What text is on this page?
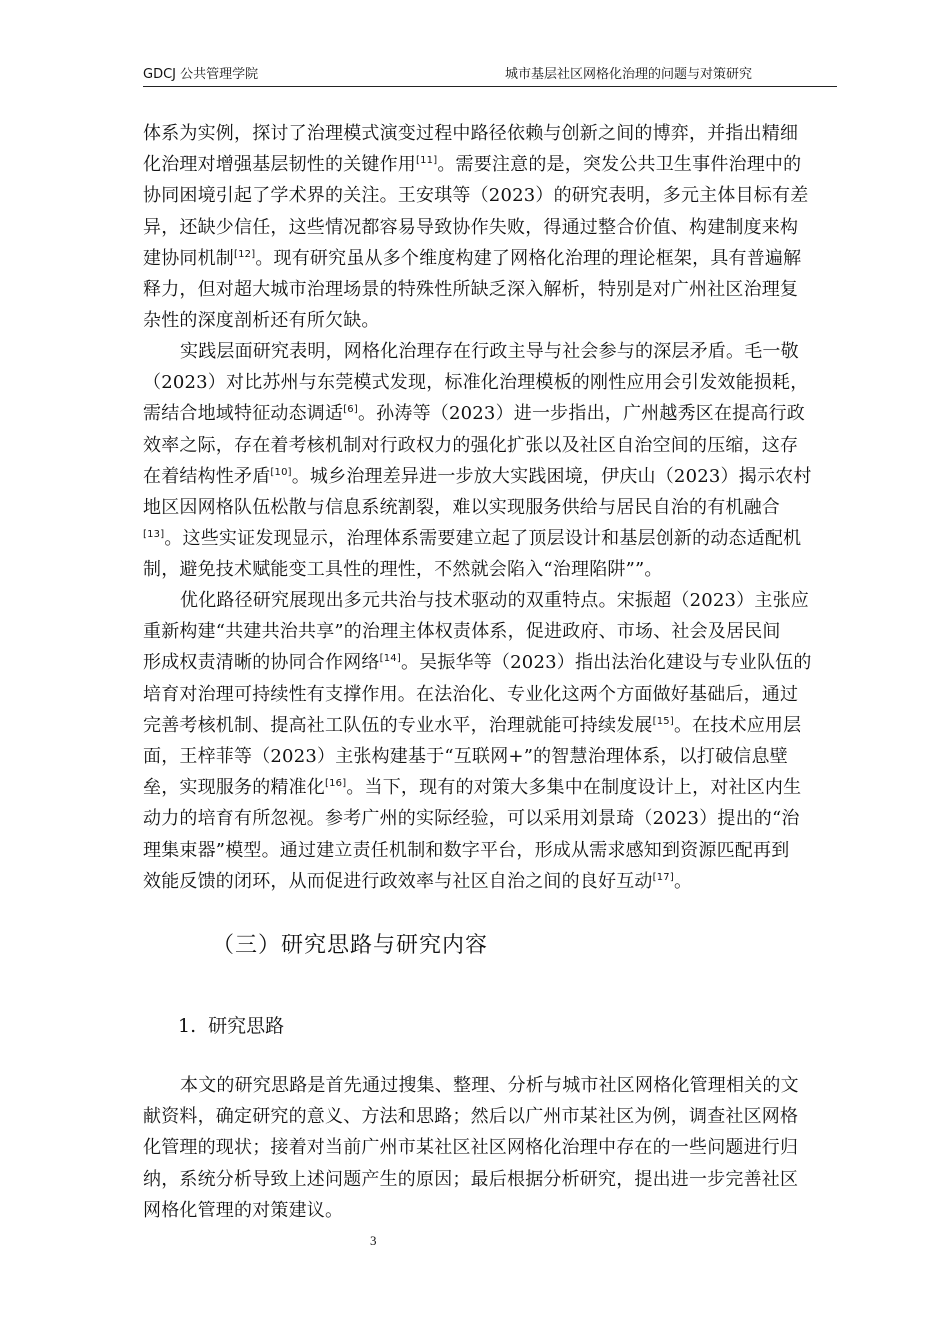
GDCJ 公共管理学院	城市基层社区网格化治理的问题与对策研究
体系为实例，探讨了治理模式演变过程中路径依赖与创新之间的博弈，并指出精细
化治理对增强基层韧性的关键作用[11]。需要注意的是，突发公共卫生事件治理中的
协同困境引起了学术界的关注。王安琪等（2023）的研究表明，多元主体目标有差
异，还缺少信任，这些情况都容易导致协作失败，得通过整合价值、构建制度来构
建协同机制[12]。现有研究虽从多个维度构建了网格化治理的理论框架，具有普遍解
释力，但对超大城市治理场景的特殊性所缺乏深入解析，特别是对广州社区治理复
杂性的深度剖析还有所欠缺。
实践层面研究表明，网格化治理存在行政主导与社会参与的深层矛盾。毛一敬
（2023）对比苏州与东莞模式发现，标准化治理模板的刚性应用会引发效能损耗，
需结合地域特征动态调适[6]。孙涛等（2023）进一步指出，广州越秀区在提高行政
效率之际，存在着考核机制对行政权力的强化扩张以及社区自治空间的压缩，这存
在着结构性矛盾[10]。城乡治理差异进一步放大实践困境，伊庆山（2023）揭示农村
地区因网格队伍松散与信息系统割裂，难以实现服务供给与居民自治的有机融合
[13]。这些实证发现显示，治理体系需要建立起了顶层设计和基层创新的动态适配机
制，避免技术赋能变工具性的理性，不然就会陷入“治理陷阱””。
优化路径研究展现出多元共治与技术驱动的双重特点。宋振超（2023）主张应
重新构建“共建共治共享”的治理主体权责体系，促进政府、市场、社会及居民间
形成权责清晰的协同合作网络[14]。吴振华等（2023）指出法治化建设与专业队伍的
培育对治理可持续性有支撑作用。在法治化、专业化这两个方面做好基础后，通过
完善考核机制、提高社工队伍的专业水平，治理就能可持续发展[15]。在技术应用层
面，王梓菲等（2023）主张构建基于“互联网+”的智慧治理体系，以打破信息壁
垒，实现服务的精准化[16]。当下，现有的对策大多集中在制度设计上，对社区内生
动力的培育有所忽视。参考广州的实际经验，可以采用刘景琦（2023）提出的“治
理集束器”模型。通过建立责任机制和数字平台，形成从需求感知到资源匹配再到
效能反馈的闭环，从而促进行政效率与社区自治之间的良好互动[17]。
（三）研究思路与研究内容
1. 研究思路
本文的研究思路是首先通过搜集、整理、分析与城市社区网格化管理相关的文
献资料，确定研究的意义、方法和思路；然后以广州市某社区为例，调查社区网格
化管理的现状；接着对当前广州市某社区社区网格化治理中存在的一些问题进行归
纳，系统分析导致上述问题产生的原因；最后根据分析研究，提出进一步完善社区
网格化管理的对策建议。
3
